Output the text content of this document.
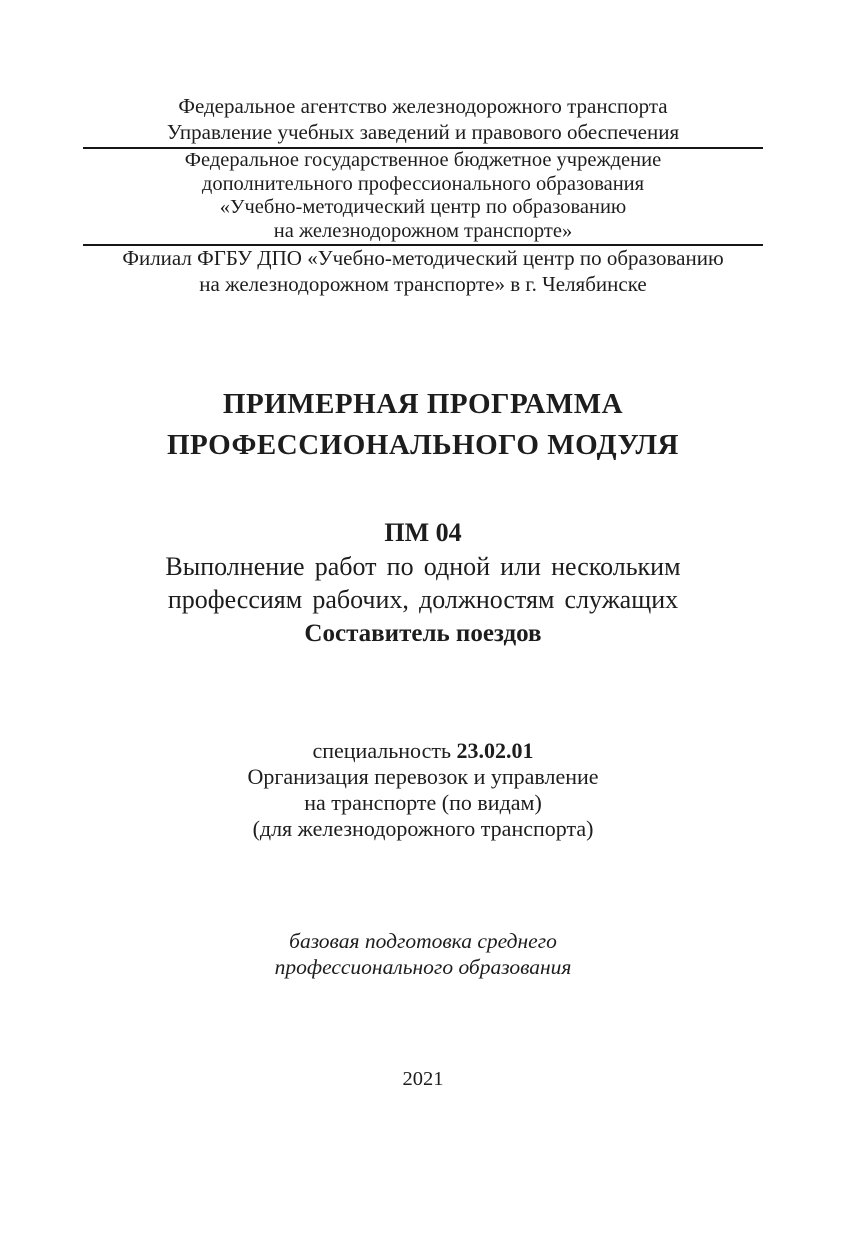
Федеральное агентство железнодорожного транспорта
Управление учебных заведений и правового обеспечения
Федеральное государственное бюджетное учреждение
дополнительного профессионального образования
«Учебно-методический центр по образованию
на железнодорожном транспорте»
Филиал ФГБУ ДПО «Учебно-методический центр по образованию
на железнодорожном транспорте» в г. Челябинске
ПРИМЕРНАЯ ПРОГРАММА
ПРОФЕССИОНАЛЬНОГО МОДУЛЯ
ПМ 04
Выполнение работ по одной или нескольким
профессиям рабочих, должностям служащих
Составитель поездов
специальность 23.02.01
Организация перевозок и управление
на транспорте (по видам)
(для железнодорожного транспорта)
базовая подготовка среднего
профессионального образования
2021
